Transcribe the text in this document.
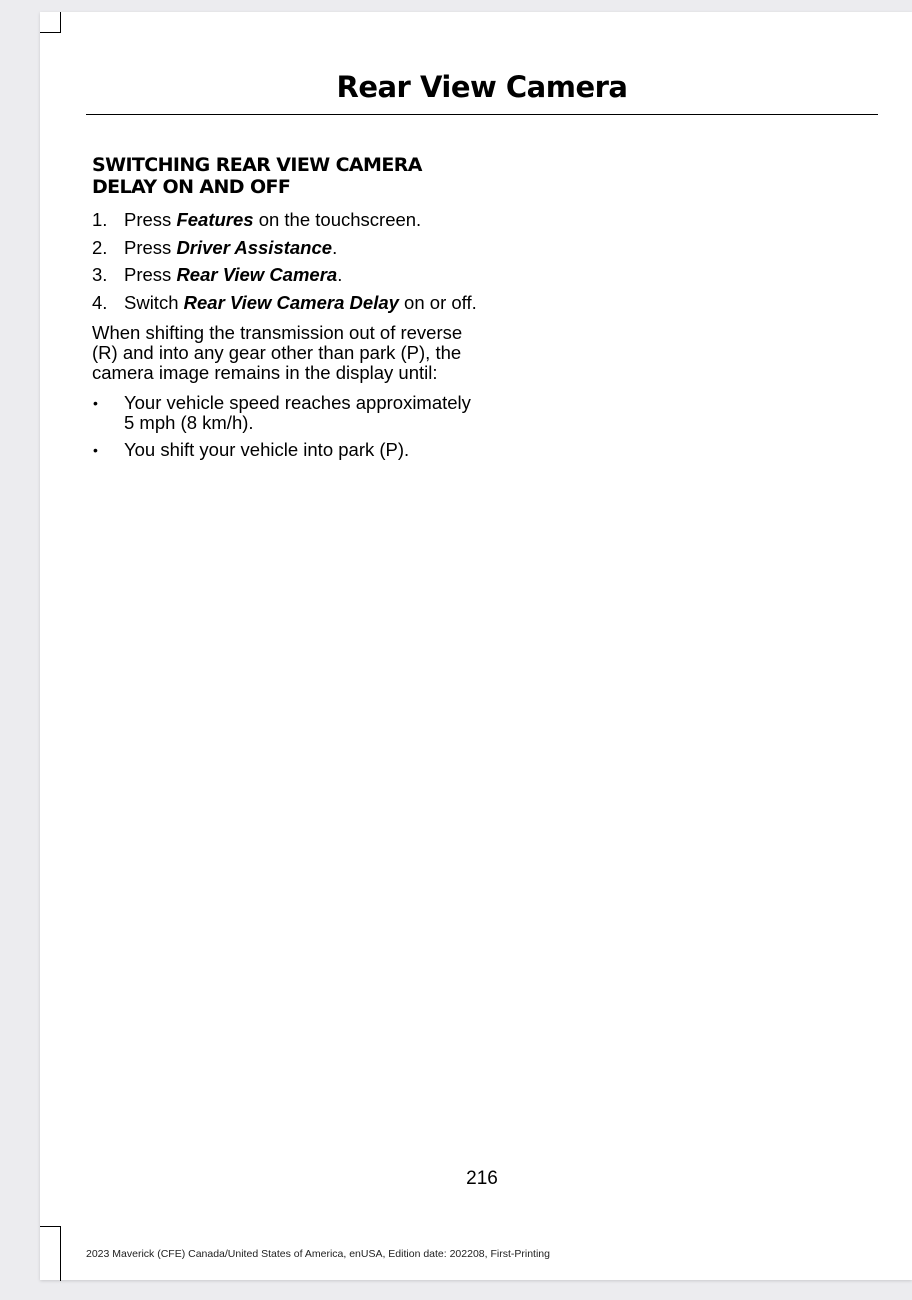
Rear View Camera
SWITCHING REAR VIEW CAMERA
DELAY ON AND OFF
1. Press Features on the touchscreen.
2. Press Driver Assistance.
3. Press Rear View Camera.
4. Switch Rear View Camera Delay on or off.

When shifting the transmission out of reverse (R) and into any gear other than park (P), the camera image remains in the display until:

• Your vehicle speed reaches approximately 5 mph (8 km/h).
• You shift your vehicle into park (P).
216
2023 Maverick (CFE) Canada/United States of America, enUSA, Edition date: 202208, First-Printing
